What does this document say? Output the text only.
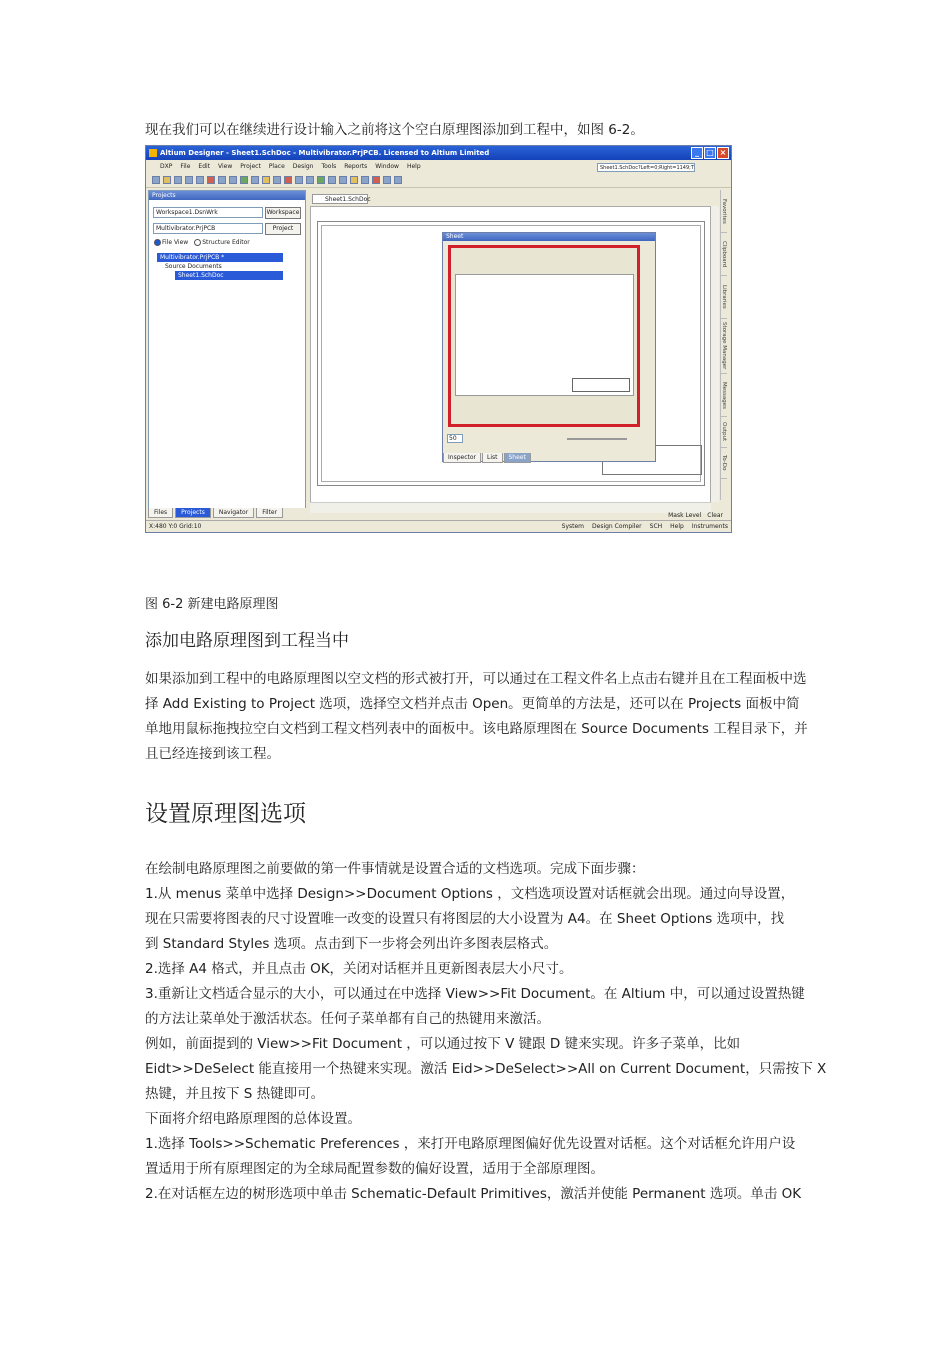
现在我们可以在继续进行设计输入之前将这个空白原理图添加到工程中，如图 6-2。
Altium Designer - Sheet1.SchDoc - Multivibrator.PrjPCB. Licensed to Altium Limited	_ □ ×
DXP File Edit View Project Place Design Tools Reports Window Help	Sheet1.SchDoc?Left=0;Right=1149;T
Projects
Workspace1.DsnWrk	Workspace
Multivibrator.PrjPCB	Project
File View	Structure Editor
Multivibrator.PrjPCB *
Source Documents
Sheet1.SchDoc
Files	Projects	Navigator	Filter
Sheet1.SchDoc
Sheet
50
Inspector	List	Sheet
Favorites
Clipboard
Libraries
Storage Manager
Messages
Output
To-Do
Mask Level Clear
X:480 Y:0 Grid:10	System Design Compiler SCH Help Instruments
图 6-2 新建电路原理图
添加电路原理图到工程当中
如果添加到工程中的电路原理图以空文档的形式被打开，可以通过在工程文件名上点击右键并且在工程面板中选择 Add Existing to Project 选项，选择空文档并点击 Open。更简单的方法是，还可以在 Projects 面板中简单地用鼠标拖拽拉空白文档到工程文档列表中的面板中。该电路原理图在 Source Documents 工程目录下，并且已经连接到该工程。
设置原理图选项
在绘制电路原理图之前要做的第一件事情就是设置合适的文档选项。完成下面步骤：
1.从 menus 菜单中选择 Design>>Document Options ，文档选项设置对话框就会出现。通过向导设置，
现在只需要将图表的尺寸设置唯一改变的设置只有将图层的大小设置为 A4。在 Sheet Options 选项中，找
到 Standard Styles 选项。点击到下一步将会列出许多图表层格式。
2.选择 A4 格式，并且点击 OK，关闭对话框并且更新图表层大小尺寸。
3.重新让文档适合显示的大小，可以通过在中选择 View>>Fit Document。在 Altium 中，可以通过设置热键
的方法让菜单处于激活状态。任何子菜单都有自己的热键用来激活。
例如，前面提到的 View>>Fit Document ，可以通过按下 V 键跟 D 键来实现。许多子菜单，比如
Eidt>>DeSelect 能直接用一个热键来实现。激活 Eid>>DeSelect>>All on Current Document，只需按下 X
热键，并且按下 S 热键即可。
下面将介绍电路原理图的总体设置。
1.选择 Tools>>Schematic Preferences ，来打开电路原理图偏好优先设置对话框。这个对话框允许用户设
置适用于所有原理图定的为全球局配置参数的偏好设置，适用于全部原理图。
2.在对话框左边的树形选项中单击 Schematic-Default Primitives，激活并使能 Permanent 选项。单击 OK
